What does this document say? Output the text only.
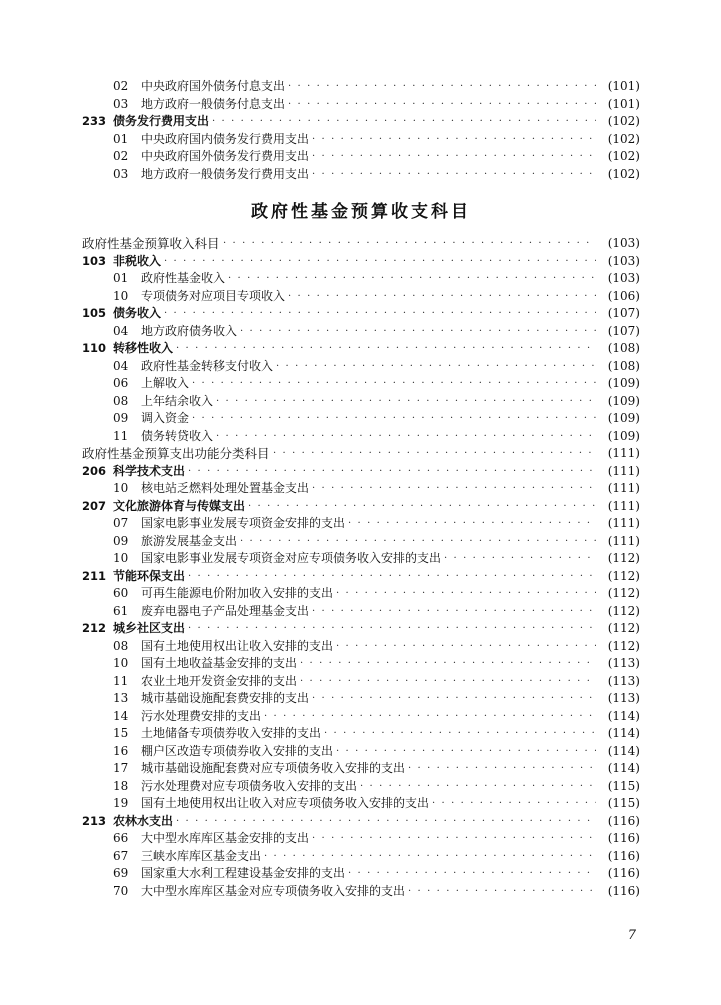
02	中央政府国外债务付息支出 · · ·	(101)
03	地方政府一般债务付息支出 · · ·	(101)
233 债务发行费用支出 · · ·	(102)
01	中央政府国内债务发行费用支出 · · ·	(102)
02	中央政府国外债务发行费用支出 · · ·	(102)
03	地方政府一般债务发行费用支出 · · ·	(102)
政府性基金预算收支科目
政府性基金预算收入科目 · · ·	(103)
103 非税收入 · · ·	(103)
01	政府性基金收入 · · ·	(103)
10	专项债务对应项目专项收入 · · ·	(106)
105 债务收入 · · ·	(107)
04	地方政府债务收入 · · ·	(107)
110 转移性收入 · · ·	(108)
04	政府性基金转移支付收入 · · ·	(108)
06	上解收入 · · ·	(109)
08	上年结余收入 · · ·	(109)
09	调入资金 · · ·	(109)
11	债务转贷收入 · · ·	(109)
政府性基金预算支出功能分类科目 · · ·	(111)
206 科学技术支出 · · ·	(111)
10	核电站乏燃料处理处置基金支出 · · ·	(111)
207 文化旅游体育与传媒支出 · · ·	(111)
07	国家电影事业发展专项资金安排的支出 · · ·	(111)
09	旅游发展基金支出 · · ·	(111)
10	国家电影事业发展专项资金对应专项债务收入安排的支出 · · ·	(112)
211 节能环保支出 · · ·	(112)
60	可再生能源电价附加收入安排的支出 · · ·	(112)
61	废弃电器电子产品处理基金支出 · · ·	(112)
212 城乡社区支出 · · ·	(112)
08	国有土地使用权出让收入安排的支出 · · ·	(112)
10	国有土地收益基金安排的支出 · · ·	(113)
11	农业土地开发资金安排的支出 · · ·	(113)
13	城市基础设施配套费安排的支出 · · ·	(113)
14	污水处理费安排的支出 · · ·	(114)
15	土地储备专项债券收入安排的支出 · · ·	(114)
16	棚户区改造专项债券收入安排的支出 · · ·	(114)
17	城市基础设施配套费对应专项债务收入安排的支出 · · ·	(114)
18	污水处理费对应专项债务收入安排的支出 · · ·	(115)
19	国有土地使用权出让收入对应专项债务收入安排的支出 · · ·	(115)
213 农林水支出 · · ·	(116)
66	大中型水库库区基金安排的支出 · · ·	(116)
67	三峡水库库区基金支出 · · ·	(116)
69	国家重大水利工程建设基金安排的支出 · · ·	(116)
70	大中型水库库区基金对应专项债务收入安排的支出 · · ·	(116)
7
